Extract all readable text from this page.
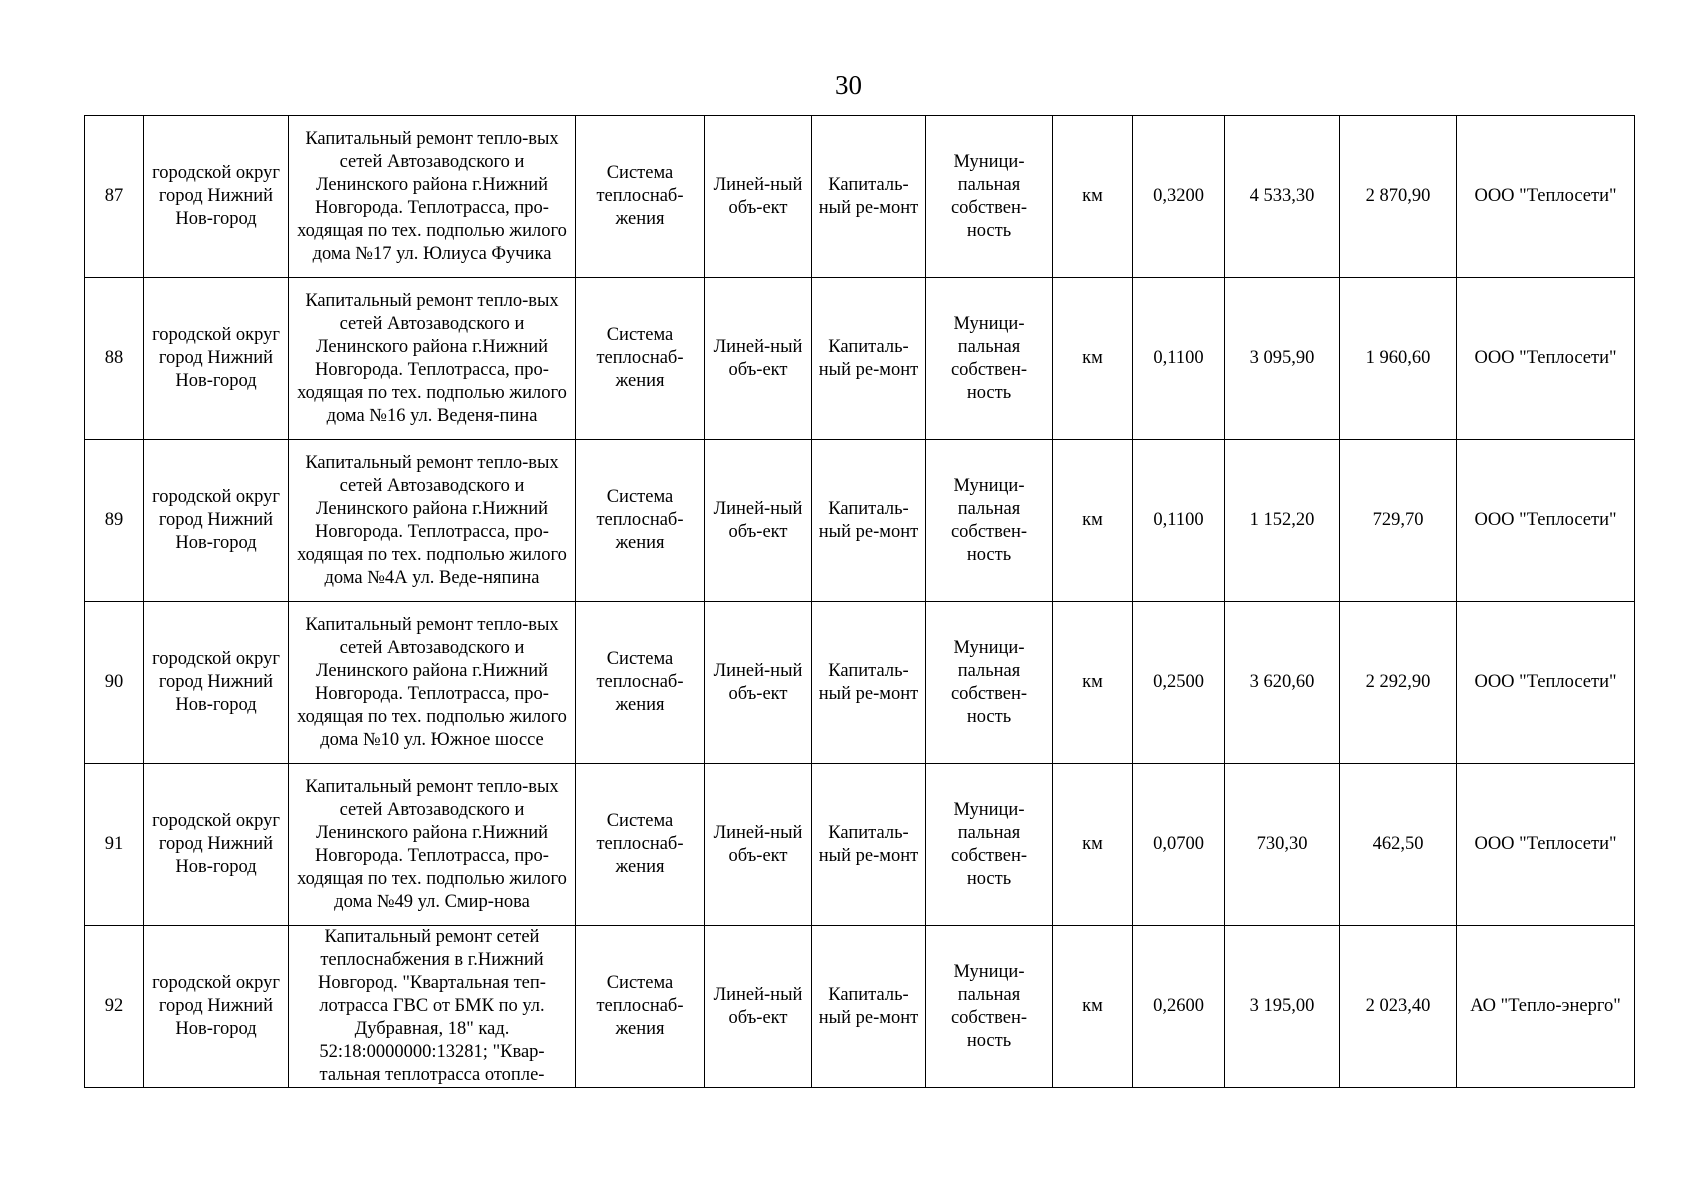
30
87	городской округ город Нижний Нов-город	Капитальный ремонт тепло-вых сетей Автозаводского и Ленинского района г.Нижний Новгорода. Теплотрасса, про-ходящая по тех. подполью жилого дома №17 ул. Юлиуса Фучика	Система теплоснаб-жения	Линей-ный объ-ект	Капиталь-ный ре-монт	Муници-пальная собствен-ность	км	0,3200	4 533,30	2 870,90	ООО "Теплосети"
88	городской округ город Нижний Нов-город	Капитальный ремонт тепло-вых сетей Автозаводского и Ленинского района г.Нижний Новгорода. Теплотрасса, про-ходящая по тех. подполью жилого дома №16 ул. Веденя-пина	Система теплоснаб-жения	Линей-ный объ-ект	Капиталь-ный ре-монт	Муници-пальная собствен-ность	км	0,1100	3 095,90	1 960,60	ООО "Теплосети"
89	городской округ город Нижний Нов-город	Капитальный ремонт тепло-вых сетей Автозаводского и Ленинского района г.Нижний Новгорода. Теплотрасса, про-ходящая по тех. подполью жилого дома №4А ул. Веде-няпина	Система теплоснаб-жения	Линей-ный объ-ект	Капиталь-ный ре-монт	Муници-пальная собствен-ность	км	0,1100	1 152,20	729,70	ООО "Теплосети"
90	городской округ город Нижний Нов-город	Капитальный ремонт тепло-вых сетей Автозаводского и Ленинского района г.Нижний Новгорода. Теплотрасса, про-ходящая по тех. подполью жилого дома №10 ул. Южное шоссе	Система теплоснаб-жения	Линей-ный объ-ект	Капиталь-ный ре-монт	Муници-пальная собствен-ность	км	0,2500	3 620,60	2 292,90	ООО "Теплосети"
91	городской округ город Нижний Нов-город	Капитальный ремонт тепло-вых сетей Автозаводского и Ленинского района г.Нижний Новгорода. Теплотрасса, про-ходящая по тех. подполью жилого дома №49 ул. Смир-нова	Система теплоснаб-жения	Линей-ный объ-ект	Капиталь-ный ре-монт	Муници-пальная собствен-ность	км	0,0700	730,30	462,50	ООО "Теплосети"
92	городской округ город Нижний Нов-город	Капитальный ремонт сетей теплоснабжения в г.Нижний Новгород. "Квартальная теп-лотрасса ГВС от БМК по ул. Дубравная, 18" кад. 52:18:0000000:13281; "Квар-тальная теплотрасса отопле-	Система теплоснаб-жения	Линей-ный объ-ект	Капиталь-ный ре-монт	Муници-пальная собствен-ность	км	0,2600	3 195,00	2 023,40	АО "Тепло-энерго"
